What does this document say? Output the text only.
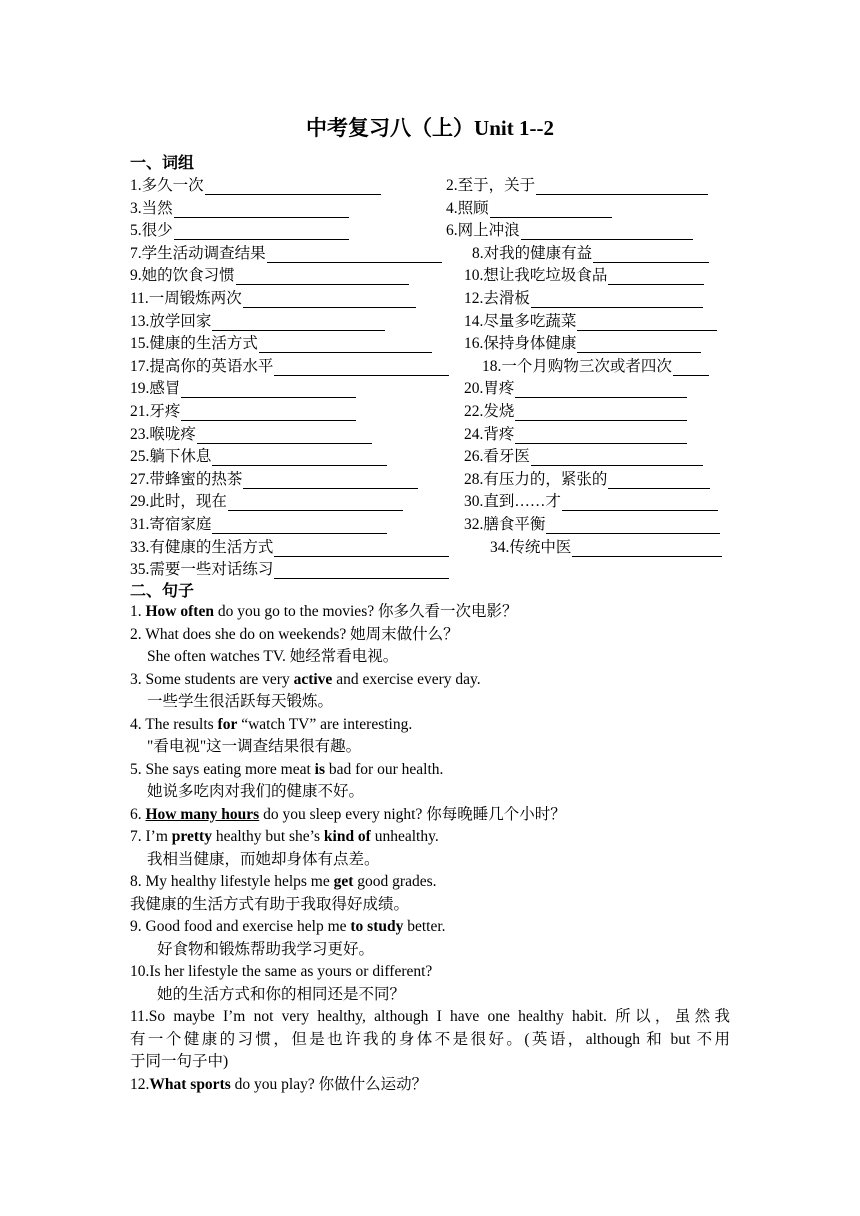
中考复习八（上）Unit 1--2
一、词组
1.多久一次	2.至于，关于
3.当然	4.照顾
5.很少	6.网上冲浪
7.学生活动调查结果	8.对我的健康有益
9.她的饮食习惯	10.想让我吃垃圾食品
11.一周锻炼两次	12.去滑板
13.放学回家	14.尽量多吃蔬菜
15.健康的生活方式	16.保持身体健康
17.提高你的英语水平	18.一个月购物三次或者四次
19.感冒	20.胃疼
21.牙疼	22.发烧
23.喉咙疼	24.背疼
25.躺下休息	26.看牙医
27.带蜂蜜的热茶	28.有压力的，紧张的
29.此时，现在	30.直到……才
31.寄宿家庭	32.膳食平衡
33.有健康的生活方式	34.传统中医
35.需要一些对话练习
二、句子
1. How often do you go to the movies? 你多久看一次电影？
2. What does she do on weekends? 她周末做什么？
She often watches TV. 她经常看电视。
3. Some students are very active and exercise every day.
一些学生很活跃每天锻炼。
4. The results for “watch TV” are interesting.
"看电视"这一调查结果很有趣。
5. She says eating more meat is bad for our health.
她说多吃肉对我们的健康不好。
6. How many hours do you sleep every night? 你每晚睡几个小时？
7. I’m pretty healthy but she’s kind of unhealthy.
我相当健康，而她却身体有点差。
8. My healthy lifestyle helps me get good grades.
我健康的生活方式有助于我取得好成绩。
9. Good food and exercise help me to study better.
好食物和锻炼帮助我学习更好。
10.Is her lifestyle the same as yours or different?
她的生活方式和你的相同还是不同？
11.So maybe I’m not very healthy, although I have one healthy habit. 所以，虽然我
有一个健康的习惯，但是也许我的身体不是很好。(英语，although 和 but 不用
于同一句子中)
12.What sports do you play? 你做什么运动？
